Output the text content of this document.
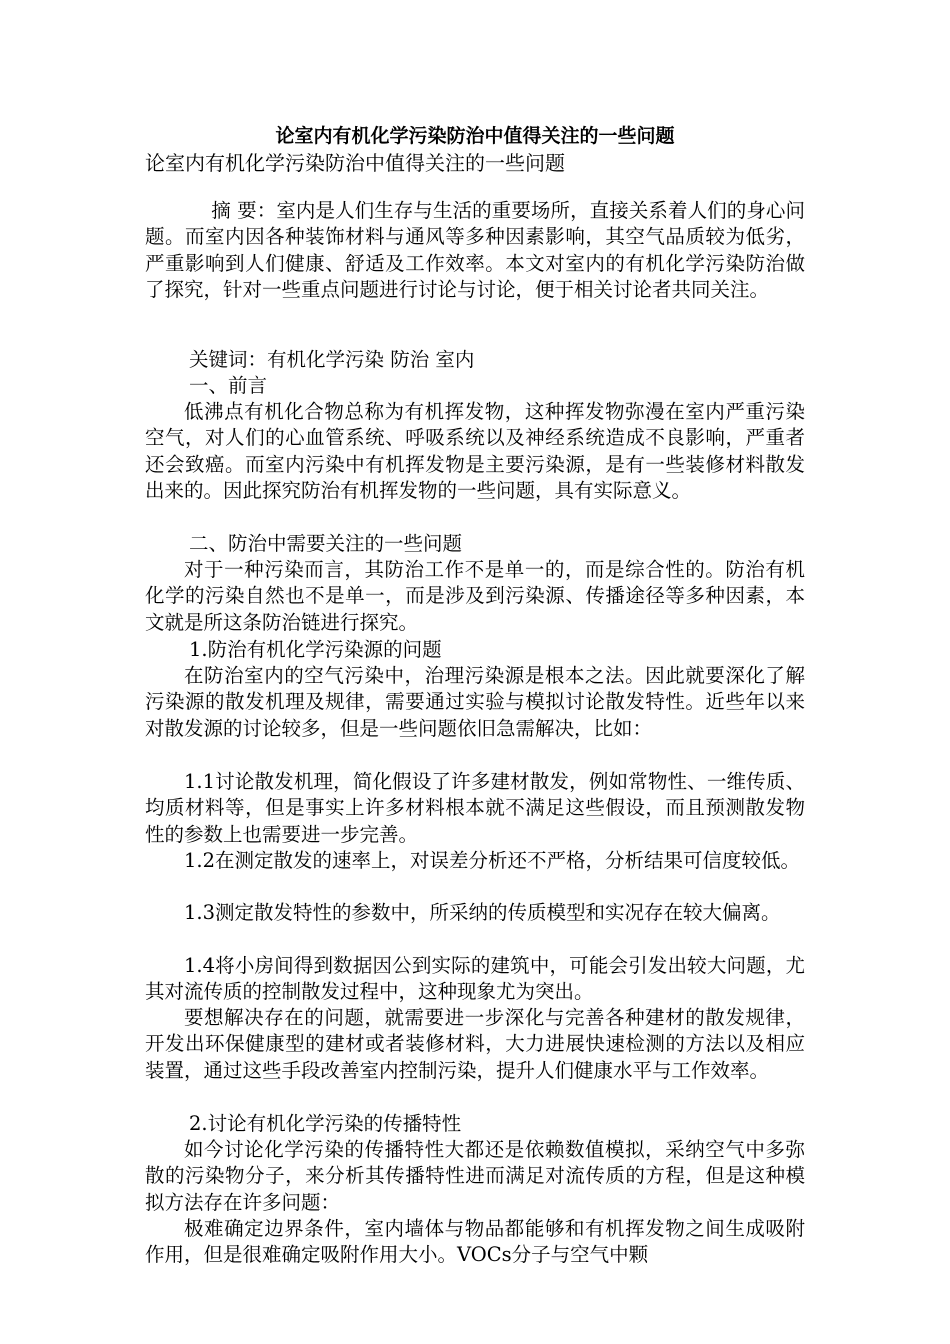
论室内有机化学污染防治中值得关注的一些问题
论室内有机化学污染防治中值得关注的一些问题
摘 要：室内是人们生存与生活的重要场所，直接关系着人们的身心问题。而室内因各种装饰材料与通风等多种因素影响，其空气品质较为低劣，严重影响到人们健康、舒适及工作效率。本文对室内的有机化学污染防治做了探究，针对一些重点问题进行讨论与讨论，便于相关讨论者共同关注。
关键词：有机化学污染 防治 室内
一、前言
低沸点有机化合物总称为有机挥发物，这种挥发物弥漫在室内严重污染空气，对人们的心血管系统、呼吸系统以及神经系统造成不良影响，严重者还会致癌。而室内污染中有机挥发物是主要污染源，是有一些装修材料散发出来的。因此探究防治有机挥发物的一些问题，具有实际意义。
二、防治中需要关注的一些问题
对于一种污染而言，其防治工作不是单一的，而是综合性的。防治有机化学的污染自然也不是单一，而是涉及到污染源、传播途径等多种因素，本文就是所这条防治链进行探究。
1.防治有机化学污染源的问题
在防治室内的空气污染中，治理污染源是根本之法。因此就要深化了解污染源的散发机理及规律，需要通过实验与模拟讨论散发特性。近些年以来对散发源的讨论较多，但是一些问题依旧急需解决，比如：
1.1讨论散发机理，简化假设了许多建材散发，例如常物性、一维传质、均质材料等，但是事实上许多材料根本就不满足这些假设，而且预测散发物性的参数上也需要进一步完善。
1.2在测定散发的速率上，对误差分析还不严格，分析结果可信度较低。
1.3测定散发特性的参数中，所采纳的传质模型和实况存在较大偏离。
1.4将小房间得到数据因公到实际的建筑中，可能会引发出较大问题，尤其对流传质的控制散发过程中，这种现象尤为突出。
要想解决存在的问题，就需要进一步深化与完善各种建材的散发规律，开发出环保健康型的建材或者装修材料，大力进展快速检测的方法以及相应装置，通过这些手段改善室内控制污染，提升人们健康水平与工作效率。
2.讨论有机化学污染的传播特性
如今讨论化学污染的传播特性大都还是依赖数值模拟，采纳空气中多弥散的污染物分子，来分析其传播特性进而满足对流传质的方程，但是这种模拟方法存在许多问题：
极难确定边界条件，室内墙体与物品都能够和有机挥发物之间生成吸附作用，但是很难确定吸附作用大小。VOCs分子与空气中颗
